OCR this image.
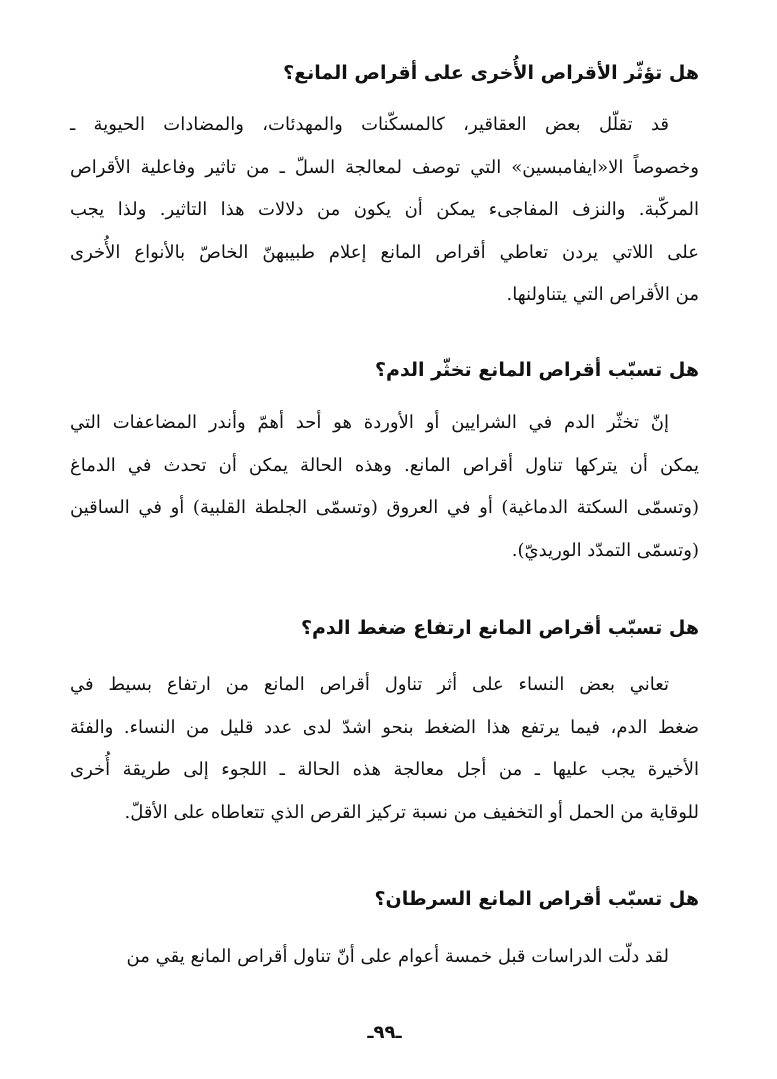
هل تؤثّر الأقراص الأُخرى على أقراص المانع؟
قد تقلّل بعض العقاقير، كالمسكّنات والمهدئات، والمضادات الحيوية ـ
وخصوصاً الا«ايفامبسين» التي توصف لمعالجة السلّ ـ من تاثير وفاعلية الأقراص
المركّبة. والنزف المفاجىء يمكن أن يكون من دلالات هذا التاثير. ولذا يجب
على اللاتي يردن تعاطي أقراص المانع إعلام طبيبهنّ الخاصّ بالأنواع الأُخرى
من الأقراص التي يتناولنها.
هل تسبّب أقراص المانع تخثّر الدم؟
إنّ تخثّر الدم في الشرايين أو الأوردة هو أحد أهمّ وأندر المضاعفات التي
يمكن أن يتركها تناول أقراص المانع. وهذه الحالة يمكن أن تحدث في الدماغ
(وتسمّى السكتة الدماغية) أو في العروق (وتسمّى الجلطة القلبية) أو في الساقين
(وتسمّى التمدّد الوريديّ).
هل تسبّب أقراص المانع ارتفاع ضغط الدم؟
تعاني بعض النساء على أثر تناول أقراص المانع من ارتفاع بسيط في
ضغط الدم، فيما يرتفع هذا الضغط بنحو اشدّ لدى عدد قليل من النساء. والفئة
الأخيرة يجب عليها ـ من أجل معالجة هذه الحالة ـ اللجوء إلى طريقة أُخرى
للوقاية من الحمل أو التخفيف من نسبة تركيز القرص الذي تتعاطاه على الأقلّ.
هل تسبّب أقراص المانع السرطان؟
لقد دلّت الدراسات قبل خمسة أعوام على أنّ تناول أقراص المانع يقي من
ـ٩٩ـ
